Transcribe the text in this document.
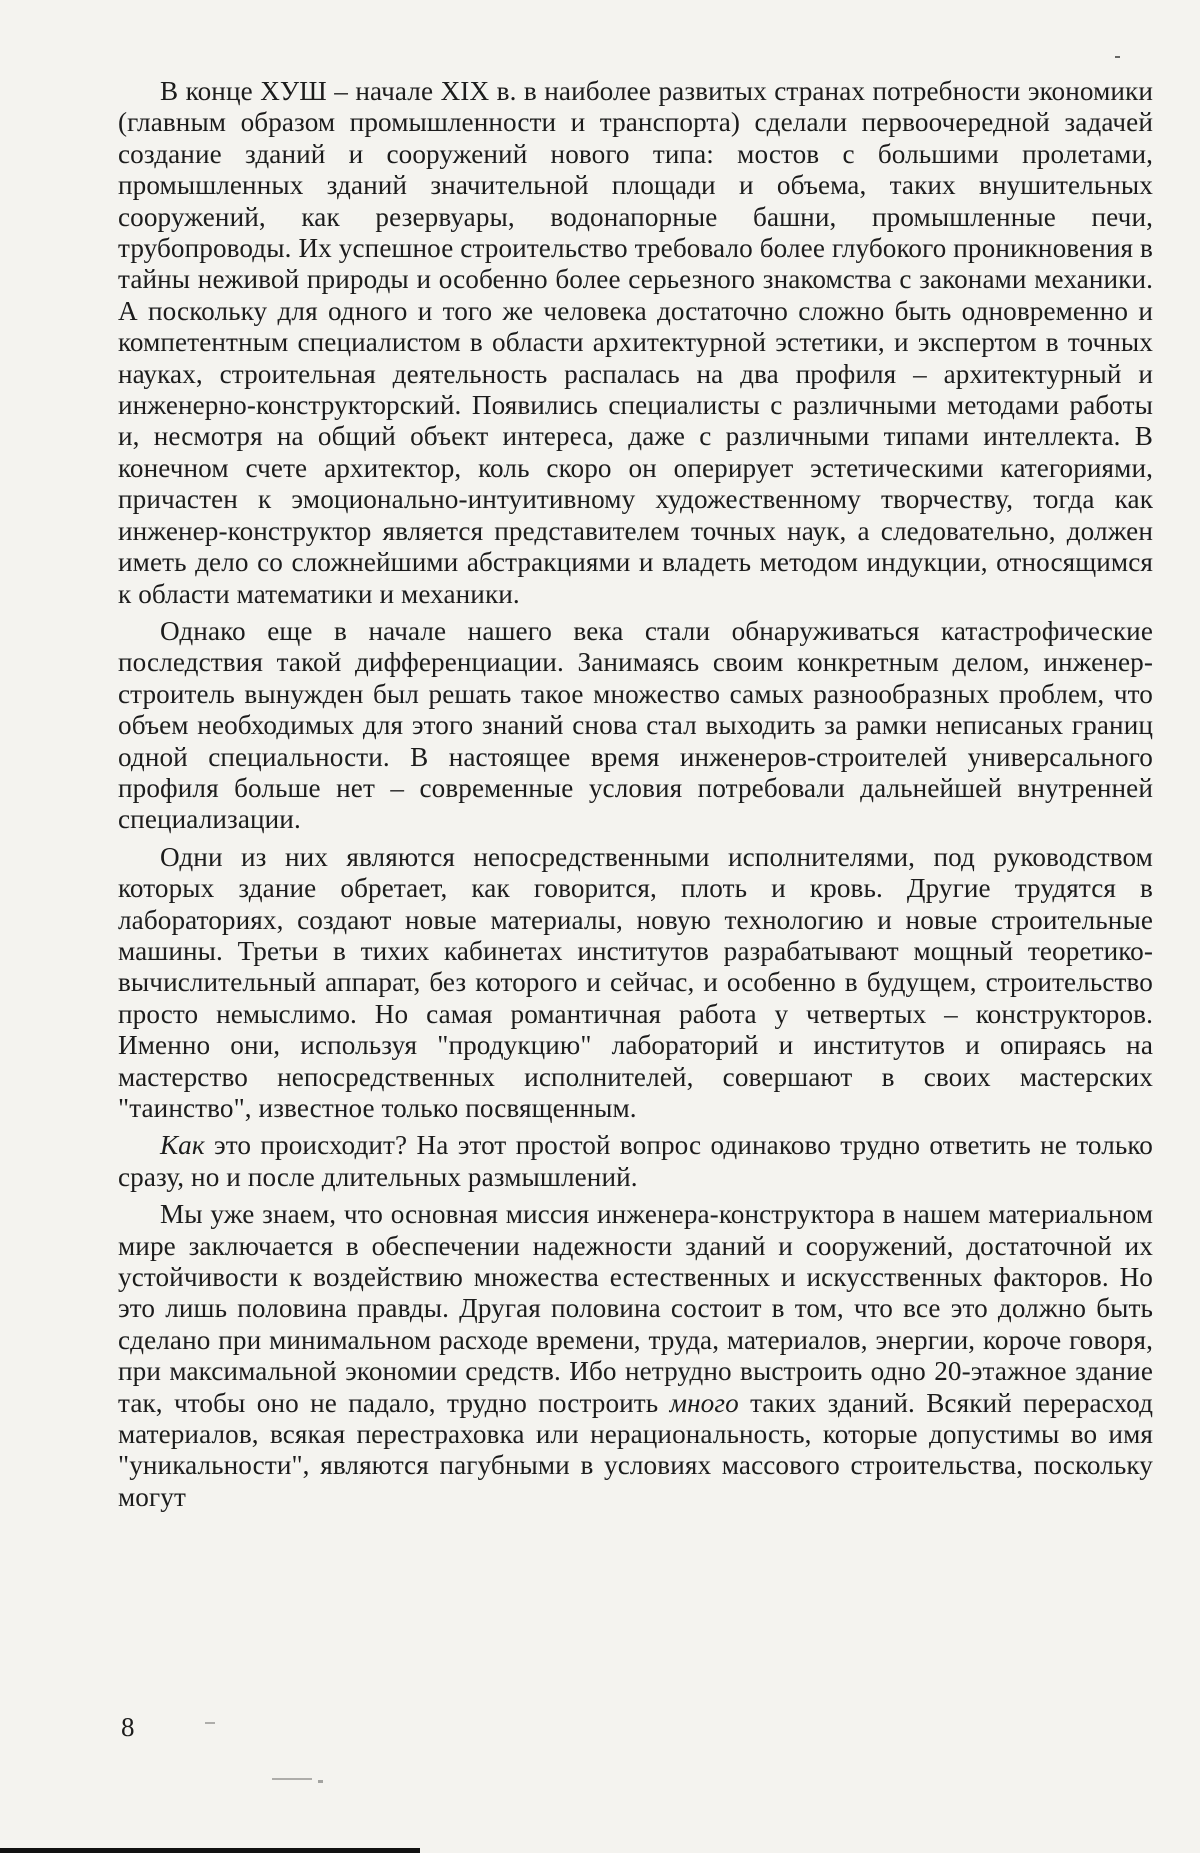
В конце ХУШ – начале XIX в. в наиболее развитых странах потребности экономики (главным образом промышленности и транспорта) сделали первоочередной задачей создание зданий и сооружений нового типа: мостов с большими пролетами, промышленных зданий значительной площади и объема, таких внушительных сооружений, как резервуары, водонапорные башни, промышленные печи, трубопроводы. Их успешное строительство требовало более глубокого проникновения в тайны неживой природы и особенно более серьезного знакомства с законами механики. А поскольку для одного и того же человека достаточно сложно быть одновременно и компетентным специалистом в области архитектурной эстетики, и экспертом в точных науках, строительная деятельность распалась на два профиля – архитектурный и инженерно-конструкторский. Появились специалисты с различными методами работы и, несмотря на общий объект интереса, даже с различными типами интеллекта. В конечном счете архитектор, коль скоро он оперирует эстетическими категориями, причастен к эмоционально-интуитивному художественному творчеству, тогда как инженер-конструктор является представителем точных наук, а следовательно, должен иметь дело со сложнейшими абстракциями и владеть методом индукции, относящимся к области математики и механики.

Однако еще в начале нашего века стали обнаруживаться катастрофические последствия такой дифференциации. Занимаясь своим конкретным делом, инженер-строитель вынужден был решать такое множество самых разнообразных проблем, что объем необходимых для этого знаний снова стал выходить за рамки неписаных границ одной специальности. В настоящее время инженеров-строителей универсального профиля больше нет – современные условия потребовали дальнейшей внутренней специализации.

Одни из них являются непосредственными исполнителями, под руководством которых здание обретает, как говорится, плоть и кровь. Другие трудятся в лабораториях, создают новые материалы, новую технологию и новые строительные машины. Третьи в тихих кабинетах институтов разрабатывают мощный теоретико-вычислительный аппарат, без которого и сейчас, и особенно в будущем, строительство просто немыслимо. Но самая романтичная работа у четвертых – конструкторов. Именно они, используя "продукцию" лабораторий и институтов и опираясь на мастерство непосредственных исполнителей, совершают в своих мастерских "таинство", известное только посвященным.

Как это происходит? На этот простой вопрос одинаково трудно ответить не только сразу, но и после длительных размышлений.

Мы уже знаем, что основная миссия инженера-конструктора в нашем материальном мире заключается в обеспечении надежности зданий и сооружений, достаточной их устойчивости к воздействию множества естественных и искусственных факторов. Но это лишь половина правды. Другая половина состоит в том, что все это должно быть сделано при минимальном расходе времени, труда, материалов, энергии, короче говоря, при максимальной экономии средств. Ибо нетрудно выстроить одно 20-этажное здание так, чтобы оно не падало, трудно построить много таких зданий. Всякий перерасход материалов, всякая перестраховка или нерациональность, которые допустимы во имя "уникальности", являются пагубными в условиях массового строительства, поскольку могут

8
